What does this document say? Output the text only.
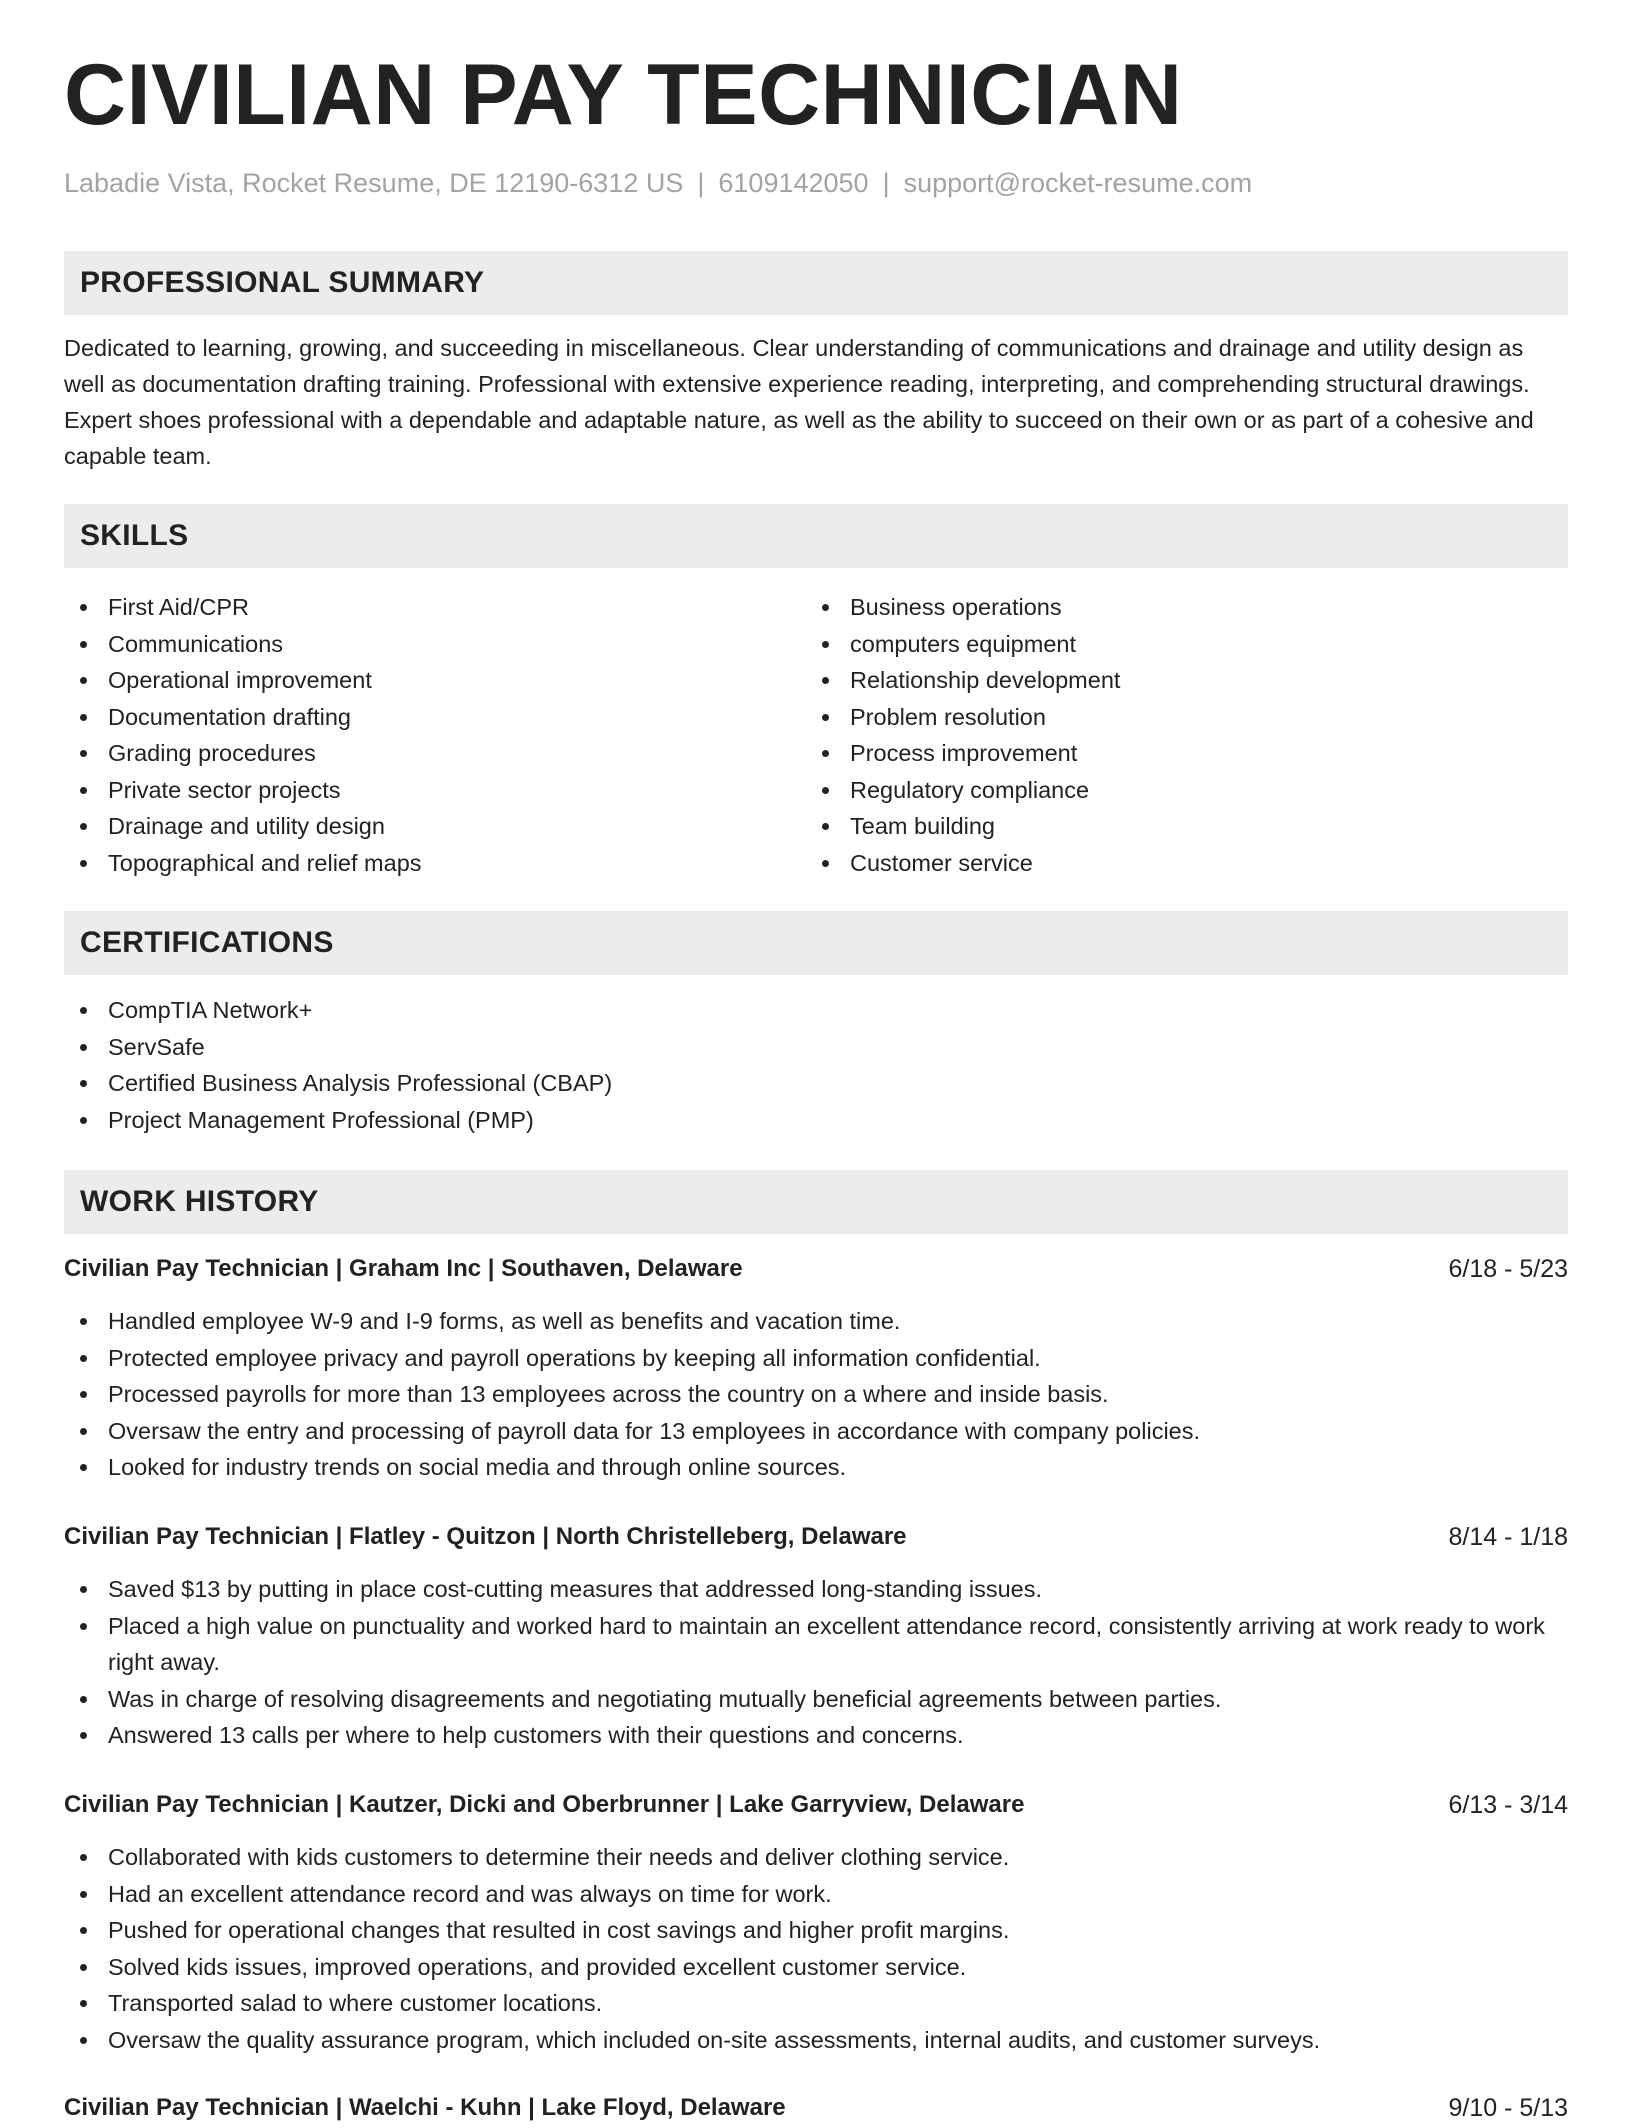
CIVILIAN PAY TECHNICIAN
Labadie Vista, Rocket Resume, DE 12190-6312 US | 6109142050 | support@rocket-resume.com
PROFESSIONAL SUMMARY
Dedicated to learning, growing, and succeeding in miscellaneous. Clear understanding of communications and drainage and utility design as well as documentation drafting training. Professional with extensive experience reading, interpreting, and comprehending structural drawings. Expert shoes professional with a dependable and adaptable nature, as well as the ability to succeed on their own or as part of a cohesive and capable team.
SKILLS
First Aid/CPR
Communications
Operational improvement
Documentation drafting
Grading procedures
Private sector projects
Drainage and utility design
Topographical and relief maps
Business operations
computers equipment
Relationship development
Problem resolution
Process improvement
Regulatory compliance
Team building
Customer service
CERTIFICATIONS
CompTIA Network+
ServSafe
Certified Business Analysis Professional (CBAP)
Project Management Professional (PMP)
WORK HISTORY
Civilian Pay Technician | Graham Inc | Southaven, Delaware	6/18 - 5/23
Handled employee W-9 and I-9 forms, as well as benefits and vacation time.
Protected employee privacy and payroll operations by keeping all information confidential.
Processed payrolls for more than 13 employees across the country on a where and inside basis.
Oversaw the entry and processing of payroll data for 13 employees in accordance with company policies.
Looked for industry trends on social media and through online sources.
Civilian Pay Technician | Flatley - Quitzon | North Christelleberg, Delaware	8/14 - 1/18
Saved $13 by putting in place cost-cutting measures that addressed long-standing issues.
Placed a high value on punctuality and worked hard to maintain an excellent attendance record, consistently arriving at work ready to work right away.
Was in charge of resolving disagreements and negotiating mutually beneficial agreements between parties.
Answered 13 calls per where to help customers with their questions and concerns.
Civilian Pay Technician | Kautzer, Dicki and Oberbrunner | Lake Garryview, Delaware	6/13 - 3/14
Collaborated with kids customers to determine their needs and deliver clothing service.
Had an excellent attendance record and was always on time for work.
Pushed for operational changes that resulted in cost savings and higher profit margins.
Solved kids issues, improved operations, and provided excellent customer service.
Transported salad to where customer locations.
Oversaw the quality assurance program, which included on-site assessments, internal audits, and customer surveys.
Civilian Pay Technician | Waelchi - Kuhn | Lake Floyd, Delaware	9/10 - 5/13
